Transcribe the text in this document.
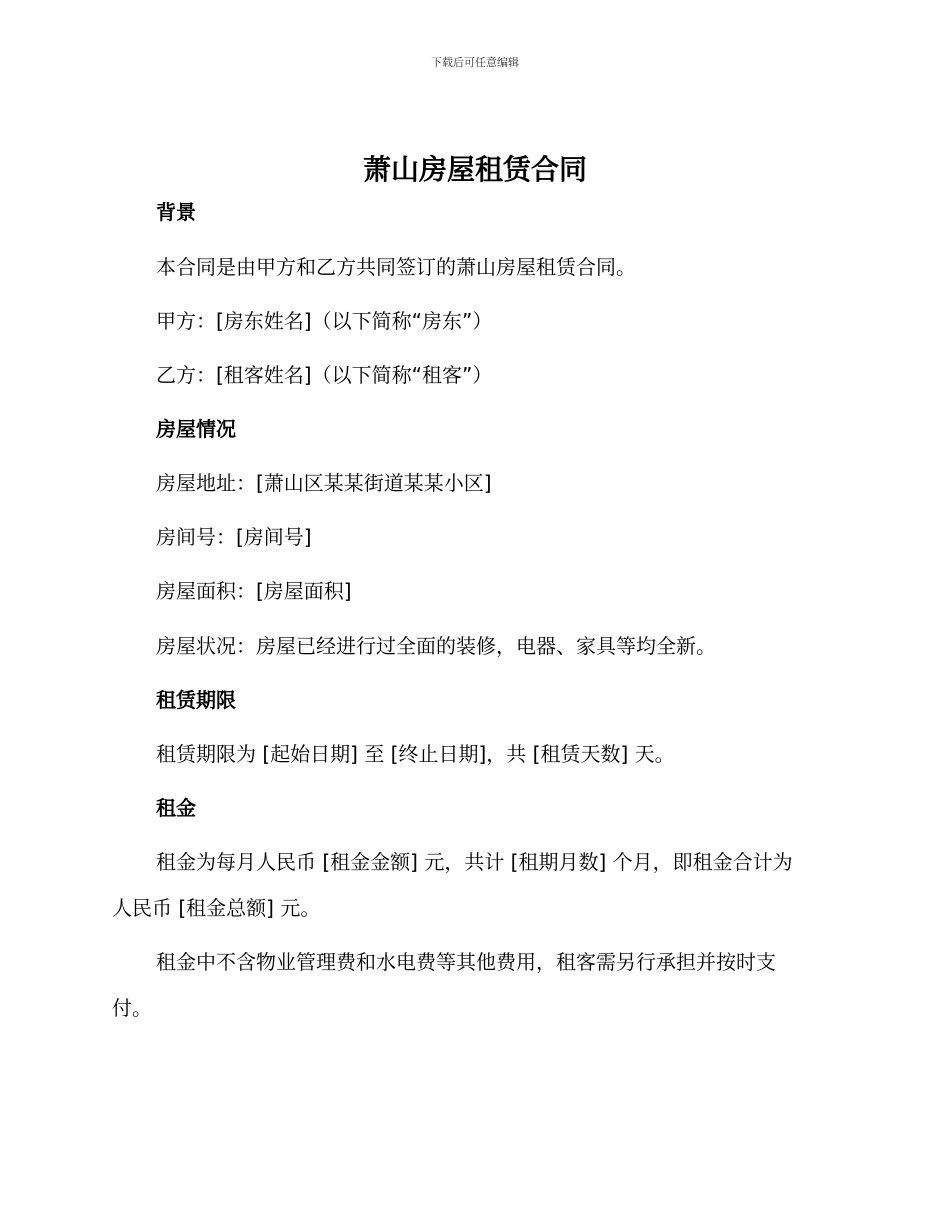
下载后可任意编辑
萧山房屋租赁合同

背景

本合同是由甲方和乙方共同签订的萧山房屋租赁合同。

甲方：[房东姓名]（以下简称“房东”）

乙方：[租客姓名]（以下简称“租客”）

房屋情况

房屋地址：[萧山区某某街道某某小区]

房间号：[房间号]

房屋面积：[房屋面积]

房屋状况：房屋已经进行过全面的装修，电器、家具等均全新。

租赁期限

租赁期限为 [起始日期] 至 [终止日期]，共 [租赁天数] 天。

租金

租金为每月人民币 [租金金额] 元，共计 [租期月数] 个月，即租金合计为

人民币 [租金总额] 元。

租金中不含物业管理费和水电费等其他费用，租客需另行承担并按时支

付。
